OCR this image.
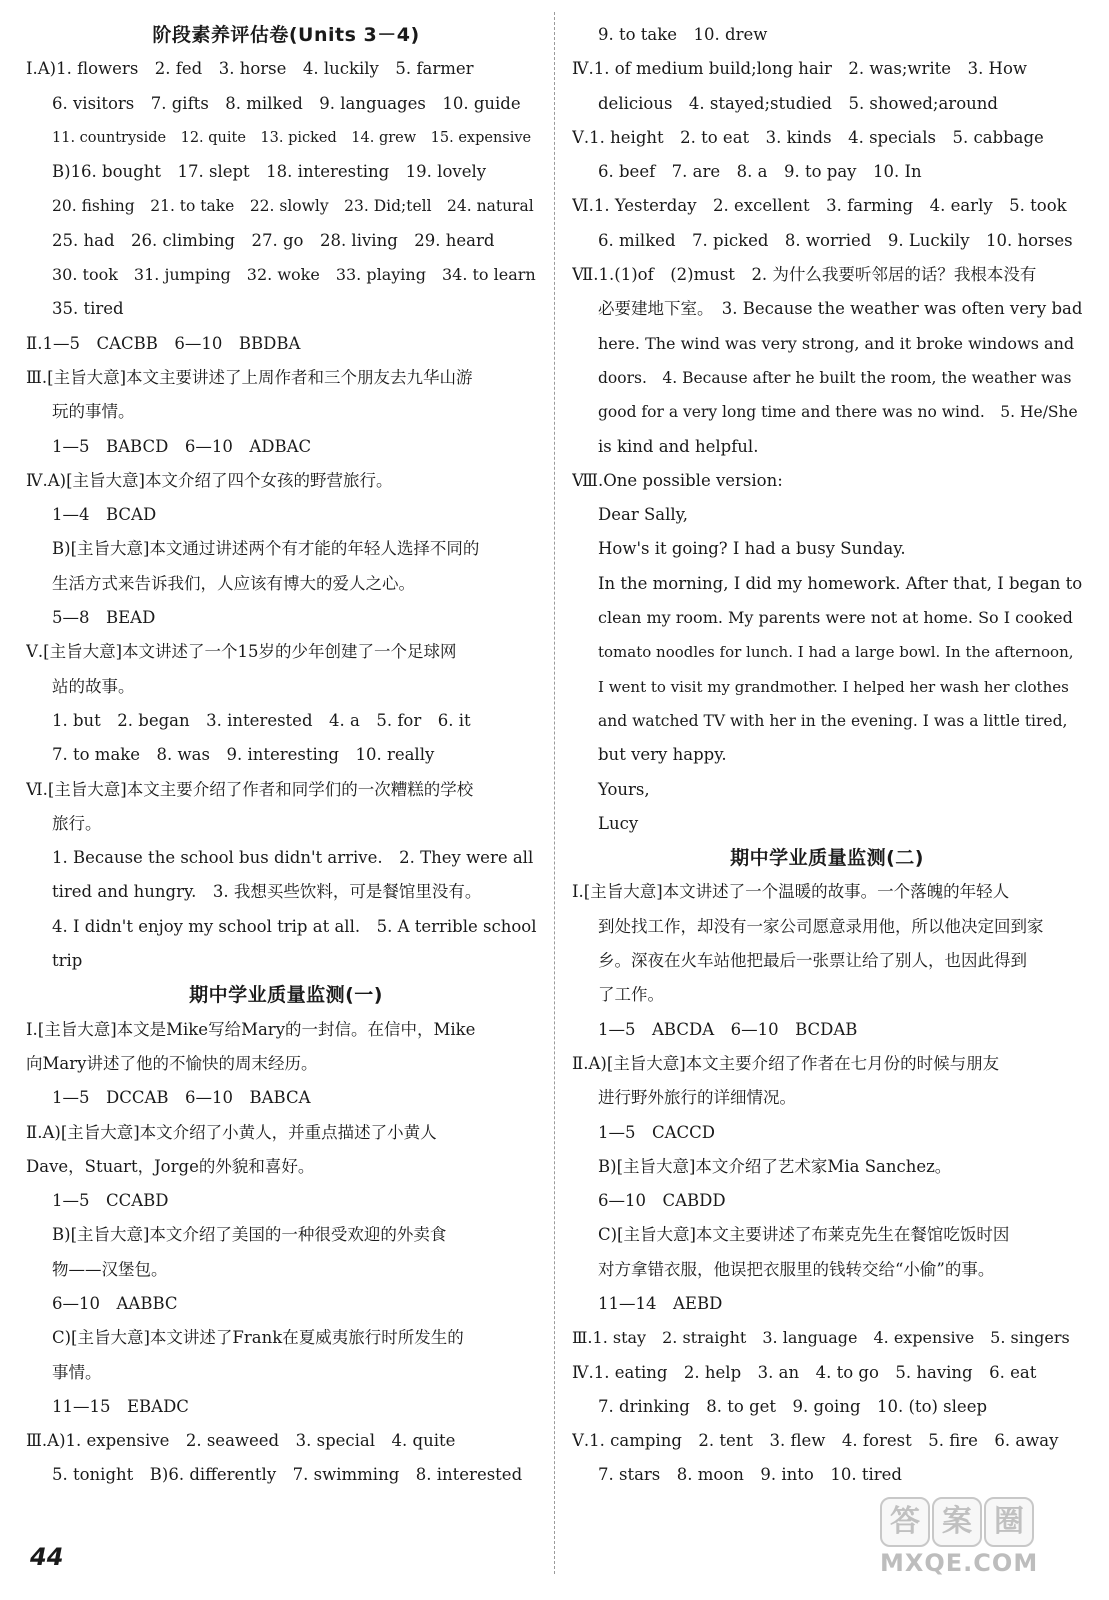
阶段素养评估卷(Units 3－4)
Ⅰ.A)1. flowers　2. fed　3. horse　4. luckily　5. farmer
6. visitors　7. gifts　8. milked　9. languages　10. guide
11. countryside　12. quite　13. picked　14. grew　15. expensive
B)16. bought　17. slept　18. interesting　19. lovely
20. fishing　21. to take　22. slowly　23. Did;tell　24. natural
25. had　26. climbing　27. go　28. living　29. heard
30. took　31. jumping　32. woke　33. playing　34. to learn
35. tired
Ⅱ.1—5　CACBB　6—10　BBDBA
Ⅲ.[主旨大意]本文主要讲述了上周作者和三个朋友去九华山游
玩的事情。
1—5　BABCD　6—10　ADBAC
Ⅳ.A)[主旨大意]本文介绍了四个女孩的野营旅行。
1—4　BCAD
B)[主旨大意]本文通过讲述两个有才能的年轻人选择不同的
生活方式来告诉我们，人应该有博大的爱人之心。
5—8　BEAD
Ⅴ.[主旨大意]本文讲述了一个15岁的少年创建了一个足球网
站的故事。
1. but　2. began　3. interested　4. a　5. for　6. it
7. to make　8. was　9. interesting　10. really
Ⅵ.[主旨大意]本文主要介绍了作者和同学们的一次糟糕的学校
旅行。
1. Because the school bus didn't arrive.　2. They were all
tired and hungry.　3. 我想买些饮料，可是餐馆里没有。
4. I didn't enjoy my school trip at all.　5. A terrible school
trip
期中学业质量监测(一)
Ⅰ.[主旨大意]本文是Mike写给Mary的一封信。在信中，Mike
向Mary讲述了他的不愉快的周末经历。
1—5　DCCAB　6—10　BABCA
Ⅱ.A)[主旨大意]本文介绍了小黄人，并重点描述了小黄人
Dave，Stuart，Jorge的外貌和喜好。
1—5　CCABD
B)[主旨大意]本文介绍了美国的一种很受欢迎的外卖食
物——汉堡包。
6—10　AABBC
C)[主旨大意]本文讲述了Frank在夏威夷旅行时所发生的
事情。
11—15　EBADC
Ⅲ.A)1. expensive　2. seaweed　3. special　4. quite
5. tonight　B)6. differently　7. swimming　8. interested
9. to take　10. drew
Ⅳ.1. of medium build;long hair　2. was;write　3. How
delicious　4. stayed;studied　5. showed;around
Ⅴ.1. height　2. to eat　3. kinds　4. specials　5. cabbage
6. beef　7. are　8. a　9. to pay　10. In
Ⅵ.1. Yesterday　2. excellent　3. farming　4. early　5. took
6. milked　7. picked　8. worried　9. Luckily　10. horses
Ⅶ.1.(1)of　(2)must　2. 为什么我要听邻居的话？我根本没有
必要建地下室。　3. Because the weather was often very bad
here. The wind was very strong, and it broke windows and
doors.　4. Because after he built the room, the weather was
good for a very long time and there was no wind.　5. He/She
is kind and helpful.
Ⅷ.One possible version:
Dear Sally,
How's it going? I had a busy Sunday.
In the morning, I did my homework. After that, I began to
clean my room. My parents were not at home. So I cooked
tomato noodles for lunch. I had a large bowl. In the afternoon,
I went to visit my grandmother. I helped her wash her clothes
and watched TV with her in the evening. I was a little tired,
but very happy.
Yours,
Lucy
期中学业质量监测(二)
Ⅰ.[主旨大意]本文讲述了一个温暖的故事。一个落魄的年轻人
到处找工作，却没有一家公司愿意录用他，所以他决定回到家
乡。深夜在火车站他把最后一张票让给了别人，也因此得到
了工作。
1—5　ABCDA　6—10　BCDAB
Ⅱ.A)[主旨大意]本文主要介绍了作者在七月份的时候与朋友
进行野外旅行的详细情况。
1—5　CACCD
B)[主旨大意]本文介绍了艺术家Mia Sanchez。
6—10　CABDD
C)[主旨大意]本文主要讲述了布莱克先生在餐馆吃饭时因
对方拿错衣服，他误把衣服里的钱转交给“小偷”的事。
11—14　AEBD
Ⅲ.1. stay　2. straight　3. language　4. expensive　5. singers
Ⅳ.1. eating　2. help　3. an　4. to go　5. having　6. eat
7. drinking　8. to get　9. going　10. (to) sleep
Ⅴ.1. camping　2. tent　3. flew　4. forest　5. fire　6. away
7. stars　8. moon　9. into　10. tired
44
答 案 圈
MXQE.COM
